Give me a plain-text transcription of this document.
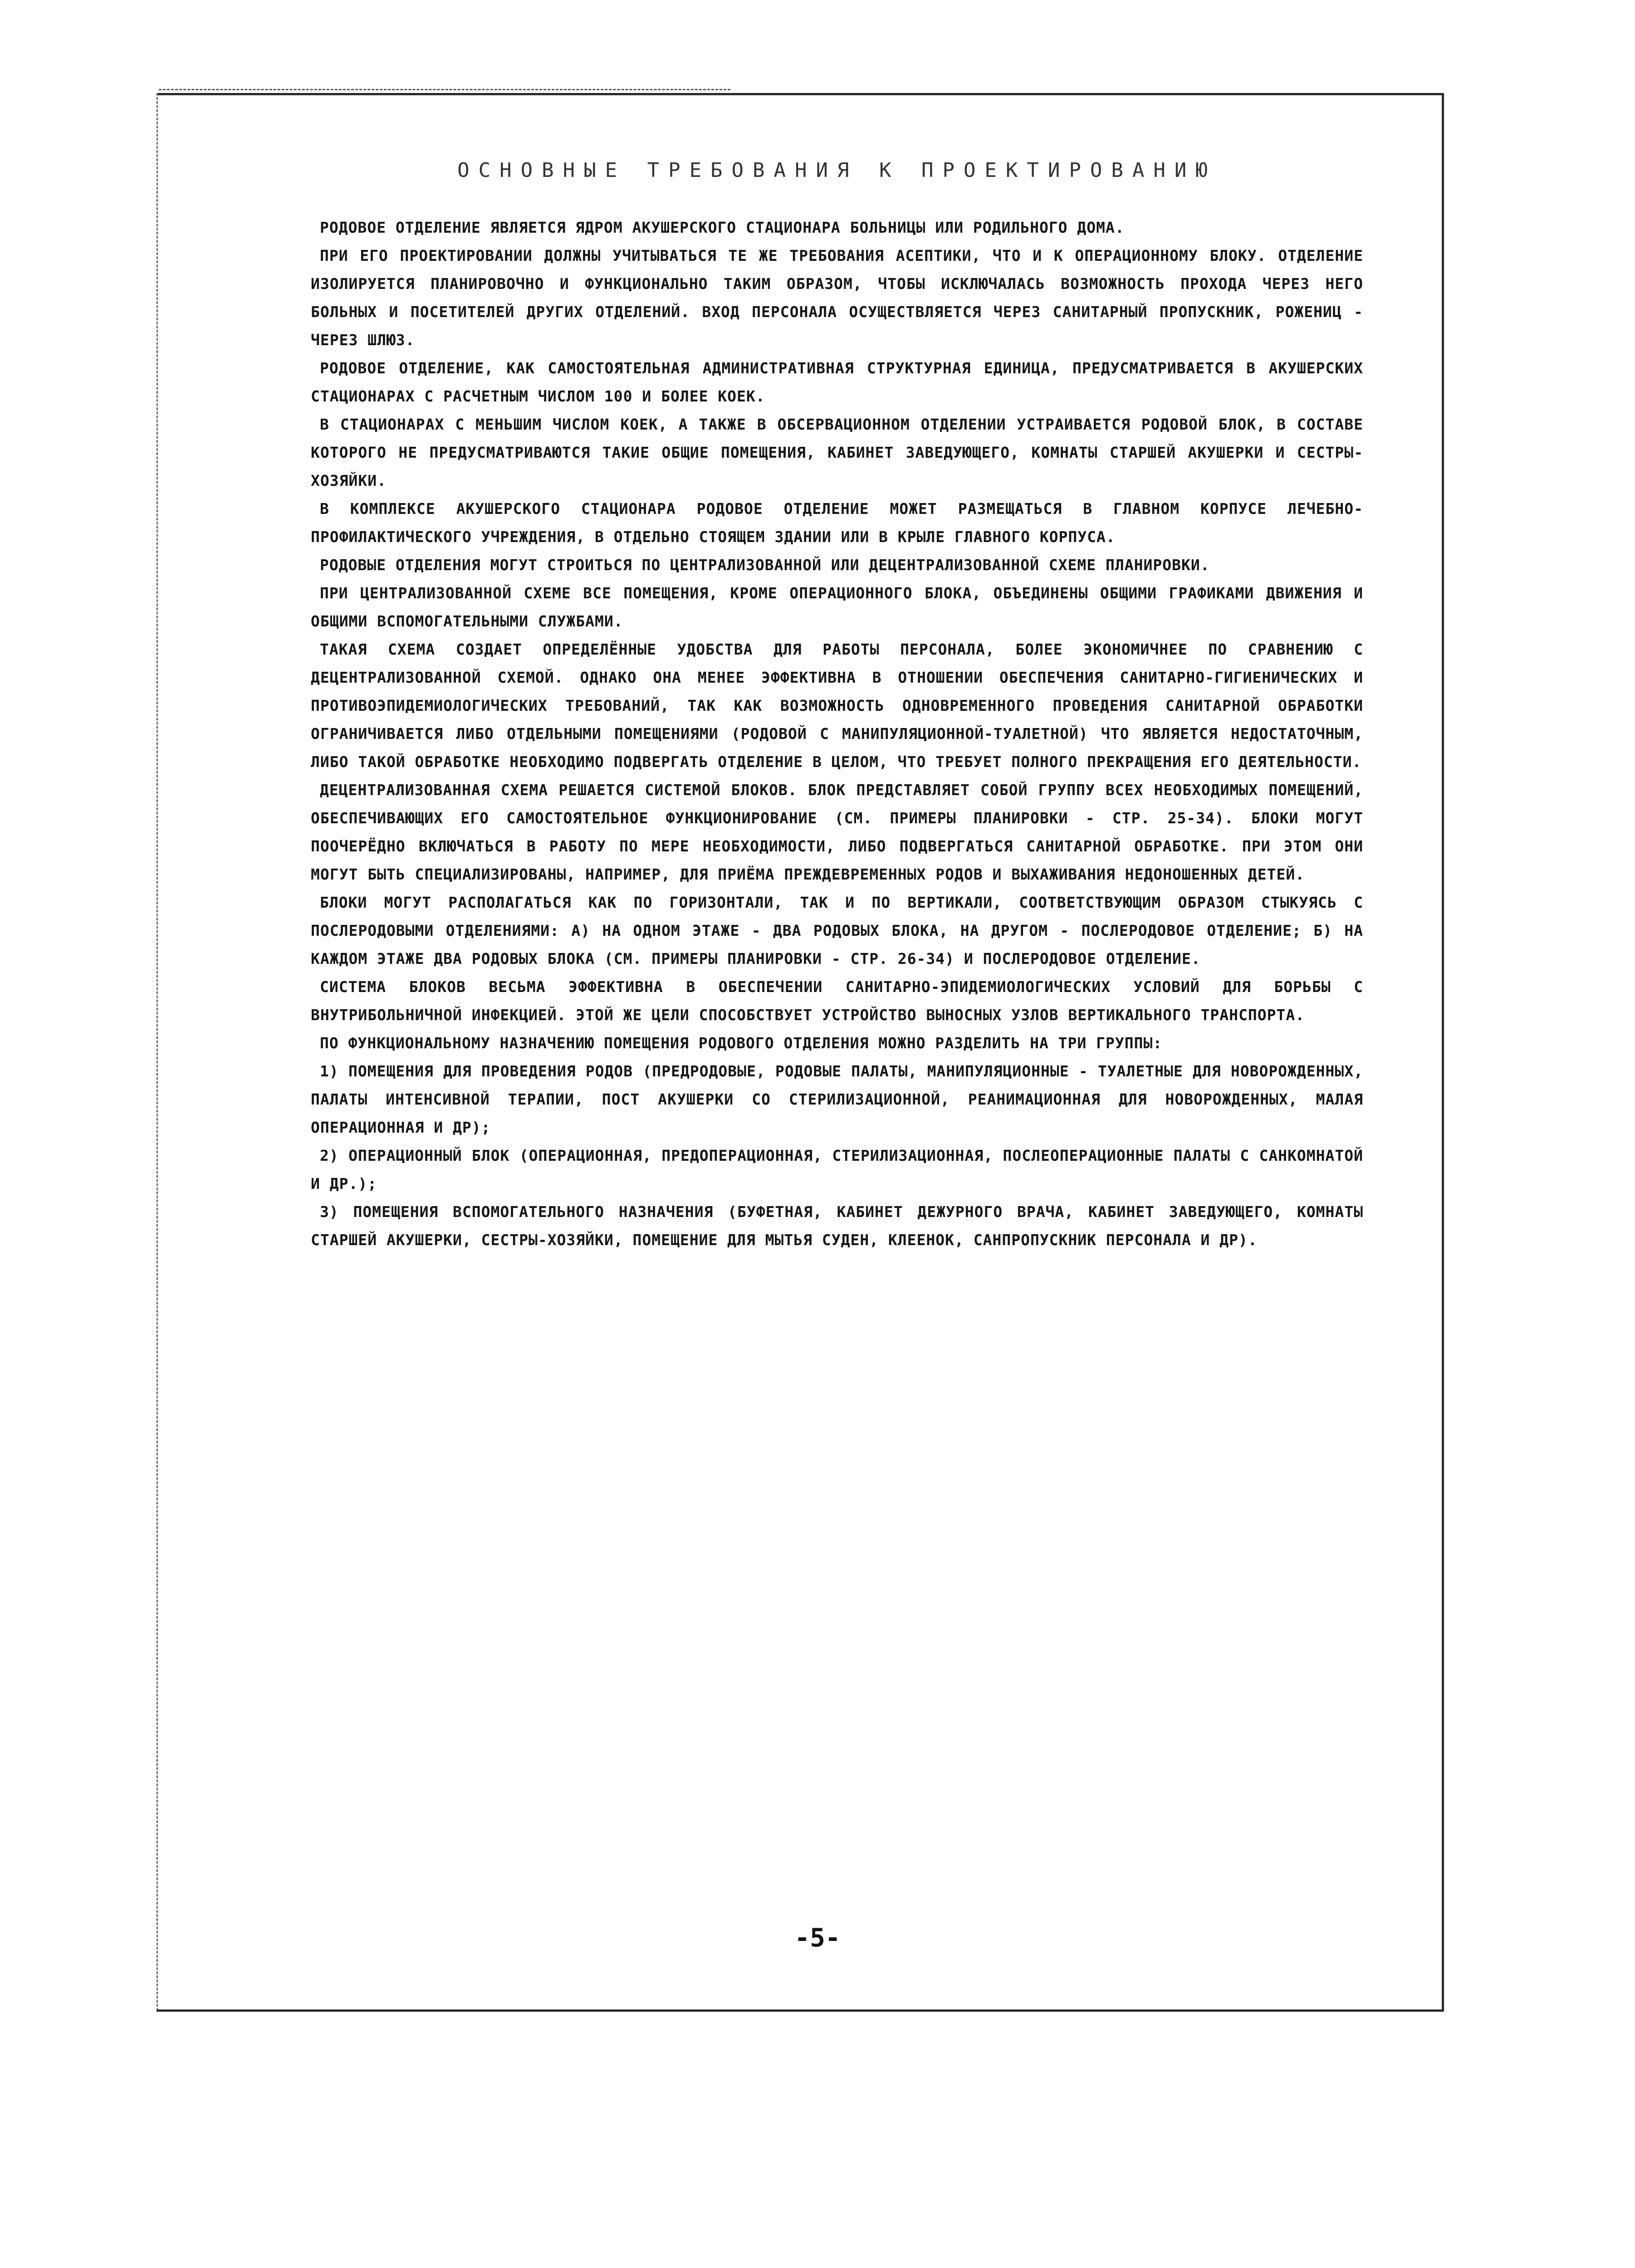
ОСНОВНЫЕ ТРЕБОВАНИЯ К ПРОЕКТИРОВАНИЮ

РОДОВОЕ ОТДЕЛЕНИЕ ЯВЛЯЕТСЯ ЯДРОМ АКУШЕРСКОГО СТАЦИОНАРА БОЛЬНИЦЫ ИЛИ РОДИЛЬНОГО ДОМА.

ПРИ ЕГО ПРОЕКТИРОВАНИИ ДОЛЖНЫ УЧИТЫВАТЬСЯ ТЕ ЖЕ ТРЕБОВАНИЯ АСЕПТИКИ, ЧТО И К ОПЕРАЦИОННОМУ БЛОКУ. ОТДЕЛЕНИЕ ИЗОЛИРУЕТСЯ ПЛАНИРОВОЧНО И ФУНКЦИОНАЛЬНО ТАКИМ ОБРАЗОМ, ЧТОБЫ ИСКЛЮЧАЛАСЬ ВОЗМОЖНОСТЬ ПРОХОДА ЧЕРЕЗ НЕГО БОЛЬНЫХ И ПОСЕТИТЕЛЕЙ ДРУГИХ ОТДЕЛЕНИЙ. ВХОД ПЕРСОНАЛА ОСУЩЕСТВЛЯЕТСЯ ЧЕРЕЗ САНИТАРНЫЙ ПРОПУСКНИК, РОЖЕНИЦ - ЧЕРЕЗ ШЛЮЗ.

РОДОВОЕ ОТДЕЛЕНИЕ, КАК САМОСТОЯТЕЛЬНАЯ АДМИНИСТРАТИВНАЯ СТРУКТУРНАЯ ЕДИНИЦА, ПРЕДУСМАТРИВАЕТСЯ В АКУШЕРСКИХ СТАЦИОНАРАХ С РАСЧЕТНЫМ ЧИСЛОМ 100 И БОЛЕЕ КОЕК.

В СТАЦИОНАРАХ С МЕНЬШИМ ЧИСЛОМ КОЕК, А ТАКЖЕ В ОБСЕРВАЦИОННОМ ОТДЕЛЕНИИ УСТРАИВАЕТСЯ РОДОВОЙ БЛОК, В СОСТАВЕ КОТОРОГО НЕ ПРЕДУСМАТРИВАЮТСЯ ТАКИЕ ОБЩИЕ ПОМЕЩЕНИЯ, КАБИНЕТ ЗАВЕДУЮЩЕГО, КОМНАТЫ СТАРШЕЙ АКУШЕРКИ И СЕСТРЫ-ХОЗЯЙКИ.

В КОМПЛЕКСЕ АКУШЕРСКОГО СТАЦИОНАРА РОДОВОЕ ОТДЕЛЕНИЕ МОЖЕТ РАЗМЕЩАТЬСЯ В ГЛАВНОМ КОРПУСЕ ЛЕЧЕБНО-ПРОФИЛАКТИЧЕСКОГО УЧРЕЖДЕНИЯ, В ОТДЕЛЬНО СТОЯЩЕМ ЗДАНИИ ИЛИ В КРЫЛЕ ГЛАВНОГО КОРПУСА.

РОДОВЫЕ ОТДЕЛЕНИЯ МОГУТ СТРОИТЬСЯ ПО ЦЕНТРАЛИЗОВАННОЙ ИЛИ ДЕЦЕНТРАЛИЗОВАННОЙ СХЕМЕ ПЛАНИРОВКИ.

ПРИ ЦЕНТРАЛИЗОВАННОЙ СХЕМЕ ВСЕ ПОМЕЩЕНИЯ, КРОМЕ ОПЕРАЦИОННОГО БЛОКА, ОБЪЕДИНЕНЫ ОБЩИМИ ГРАФИКАМИ ДВИЖЕНИЯ И ОБЩИМИ ВСПОМОГАТЕЛЬНЫМИ СЛУЖБАМИ.

ТАКАЯ СХЕМА СОЗДАЕТ ОПРЕДЕЛЁННЫЕ УДОБСТВА ДЛЯ РАБОТЫ ПЕРСОНАЛА, БОЛЕЕ ЭКОНОМИЧНЕЕ ПО СРАВНЕНИЮ С ДЕЦЕНТРАЛИЗОВАННОЙ СХЕМОЙ. ОДНАКО ОНА МЕНЕЕ ЭФФЕКТИВНА В ОТНОШЕНИИ ОБЕСПЕЧЕНИЯ САНИТАРНО-ГИГИЕНИЧЕСКИХ И ПРОТИВОЭПИДЕМИОЛОГИЧЕСКИХ ТРЕБОВАНИЙ, ТАК КАК ВОЗМОЖНОСТЬ ОДНОВРЕМЕННОГО ПРОВЕДЕНИЯ САНИТАРНОЙ ОБРАБОТКИ ОГРАНИЧИВАЕТСЯ ЛИБО ОТДЕЛЬНЫМИ ПОМЕЩЕНИЯМИ (РОДОВОЙ С МАНИПУЛЯЦИОННОЙ-ТУАЛЕТНОЙ) ЧТО ЯВЛЯЕТСЯ НЕДОСТАТОЧНЫМ, ЛИБО ТАКОЙ ОБРАБОТКЕ НЕОБХОДИМО ПОДВЕРГАТЬ ОТДЕЛЕНИЕ В ЦЕЛОМ, ЧТО ТРЕБУЕТ ПОЛНОГО ПРЕКРАЩЕНИЯ ЕГО ДЕЯТЕЛЬНОСТИ.

ДЕЦЕНТРАЛИЗОВАННАЯ СХЕМА РЕШАЕТСЯ СИСТЕМОЙ БЛОКОВ. БЛОК ПРЕДСТАВЛЯЕТ СОБОЙ ГРУППУ ВСЕХ НЕОБХОДИМЫХ ПОМЕЩЕНИЙ, ОБЕСПЕЧИВАЮЩИХ ЕГО САМОСТОЯТЕЛЬНОЕ ФУНКЦИОНИРОВАНИЕ (СМ. ПРИМЕРЫ ПЛАНИРОВКИ - СТР. 25-34). БЛОКИ МОГУТ ПООЧЕРЁДНО ВКЛЮЧАТЬСЯ В РАБОТУ ПО МЕРЕ НЕОБХОДИМОСТИ, ЛИБО ПОДВЕРГАТЬСЯ САНИТАРНОЙ ОБРАБОТКЕ. ПРИ ЭТОМ ОНИ МОГУТ БЫТЬ СПЕЦИАЛИЗИРОВАНЫ, НАПРИМЕР, ДЛЯ ПРИЁМА ПРЕЖДЕВРЕМЕННЫХ РОДОВ И ВЫХАЖИВАНИЯ НЕДОНОШЕННЫХ ДЕТЕЙ.

БЛОКИ МОГУТ РАСПОЛАГАТЬСЯ КАК ПО ГОРИЗОНТАЛИ, ТАК И ПО ВЕРТИКАЛИ, СООТВЕТСТВУЮЩИМ ОБРАЗОМ СТЫКУЯСЬ С ПОСЛЕРОДОВЫМИ ОТДЕЛЕНИЯМИ: А) НА ОДНОМ ЭТАЖЕ - ДВА РОДОВЫХ БЛОКА, НА ДРУГОМ - ПОСЛЕРОДОВОЕ ОТДЕЛЕНИЕ; Б) НА КАЖДОМ ЭТАЖЕ ДВА РОДОВЫХ БЛОКА (СМ. ПРИМЕРЫ ПЛАНИРОВКИ - СТР. 26-34) И ПОСЛЕРОДОВОЕ ОТДЕЛЕНИЕ.

СИСТЕМА БЛОКОВ ВЕСЬМА ЭФФЕКТИВНА В ОБЕСПЕЧЕНИИ САНИТАРНО-ЭПИДЕМИОЛОГИЧЕСКИХ УСЛОВИЙ ДЛЯ БОРЬБЫ С ВНУТРИБОЛЬНИЧНОЙ ИНФЕКЦИЕЙ. ЭТОЙ ЖЕ ЦЕЛИ СПОСОБСТВУЕТ УСТРОЙСТВО ВЫНОСНЫХ УЗЛОВ ВЕРТИКАЛЬНОГО ТРАНСПОРТА.

ПО ФУНКЦИОНАЛЬНОМУ НАЗНАЧЕНИЮ ПОМЕЩЕНИЯ РОДОВОГО ОТДЕЛЕНИЯ МОЖНО РАЗДЕЛИТЬ НА ТРИ ГРУППЫ:

1) ПОМЕЩЕНИЯ ДЛЯ ПРОВЕДЕНИЯ РОДОВ (ПРЕДРОДОВЫЕ, РОДОВЫЕ ПАЛАТЫ, МАНИПУЛЯЦИОННЫЕ - ТУАЛЕТНЫЕ ДЛЯ НОВОРОЖДЕННЫХ, ПАЛАТЫ ИНТЕНСИВНОЙ ТЕРАПИИ, ПОСТ АКУШЕРКИ СО СТЕРИЛИЗАЦИОННОЙ, РЕАНИМАЦИОННАЯ ДЛЯ НОВОРОЖДЕННЫХ, МАЛАЯ ОПЕРАЦИОННАЯ И ДР);

2) ОПЕРАЦИОННЫЙ БЛОК (ОПЕРАЦИОННАЯ, ПРЕДОПЕРАЦИОННАЯ, СТЕРИЛИЗАЦИОННАЯ, ПОСЛЕОПЕРАЦИОННЫЕ ПАЛАТЫ С САНКОМНАТОЙ И ДР.);

3) ПОМЕЩЕНИЯ ВСПОМОГАТЕЛЬНОГО НАЗНАЧЕНИЯ (БУФЕТНАЯ, КАБИНЕТ ДЕЖУРНОГО ВРАЧА, КАБИНЕТ ЗАВЕДУЮЩЕГО, КОМНАТЫ СТАРШЕЙ АКУШЕРКИ, СЕСТРЫ-ХОЗЯЙКИ, ПОМЕЩЕНИЕ ДЛЯ МЫТЬЯ СУДЕН, КЛЕЕНОК, САНПРОПУСКНИК ПЕРСОНАЛА И ДР).

-5-
